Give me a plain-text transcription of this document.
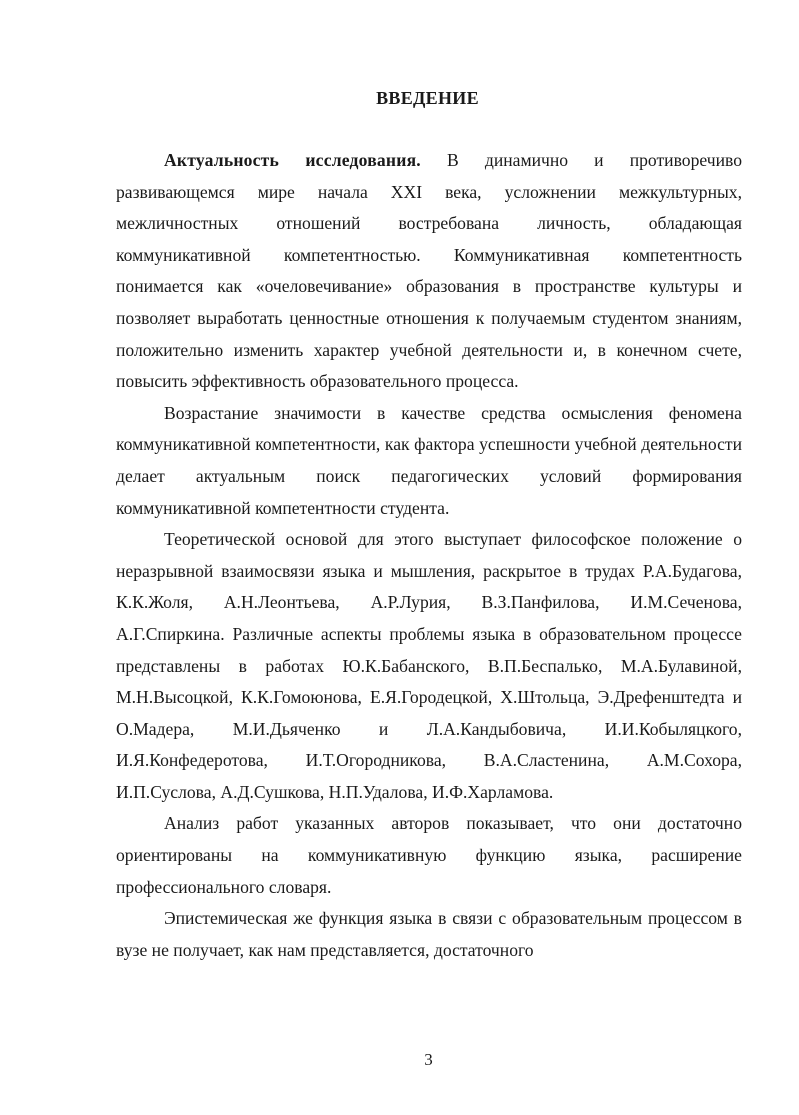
ВВЕДЕНИЕ

Актуальность исследования. В динамично и противоречиво развивающемся мире начала XXI века, усложнении межкультурных, межличностных отношений востребована личность, обладающая коммуникативной компетентностью. Коммуникативная компетентность понимается как «очеловечивание» образования в пространстве культуры и позволяет выработать ценностные отношения к получаемым студентом знаниям, положительно изменить характер учебной деятельности и, в конечном счете, повысить эффективность образовательного процесса.

Возрастание значимости в качестве средства осмысления феномена коммуникативной компетентности, как фактора успешности учебной деятельности делает актуальным поиск педагогических условий формирования коммуникативной компетентности студента.

Теоретической основой для этого выступает философское положение о неразрывной взаимосвязи языка и мышления, раскрытое в трудах Р.А.Будагова, К.К.Жоля, А.Н.Леонтьева, А.Р.Лурия, В.З.Панфилова, И.М.Сеченова, А.Г.Спиркина. Различные аспекты проблемы языка в образовательном процессе представлены в работах Ю.К.Бабанского, В.П.Беспалько, М.А.Булавиной, М.Н.Высоцкой, К.К.Гомоюнова, Е.Я.Городецкой, Х.Штольца, Э.Дрефенштедта и О.Мадера, М.И.Дьяченко и Л.А.Кандыбовича, И.И.Кобыляцкого, И.Я.Конфедеротова, И.Т.Огородникова, В.А.Сластенина, А.М.Сохора, И.П.Суслова, А.Д.Сушкова, Н.П.Удалова, И.Ф.Харламова.

Анализ работ указанных авторов показывает, что они достаточно ориентированы на коммуникативную функцию языка, расширение профессионального словаря.

Эпистемическая же функция языка в связи с образовательным процессом в вузе не получает, как нам представляется, достаточного

3
